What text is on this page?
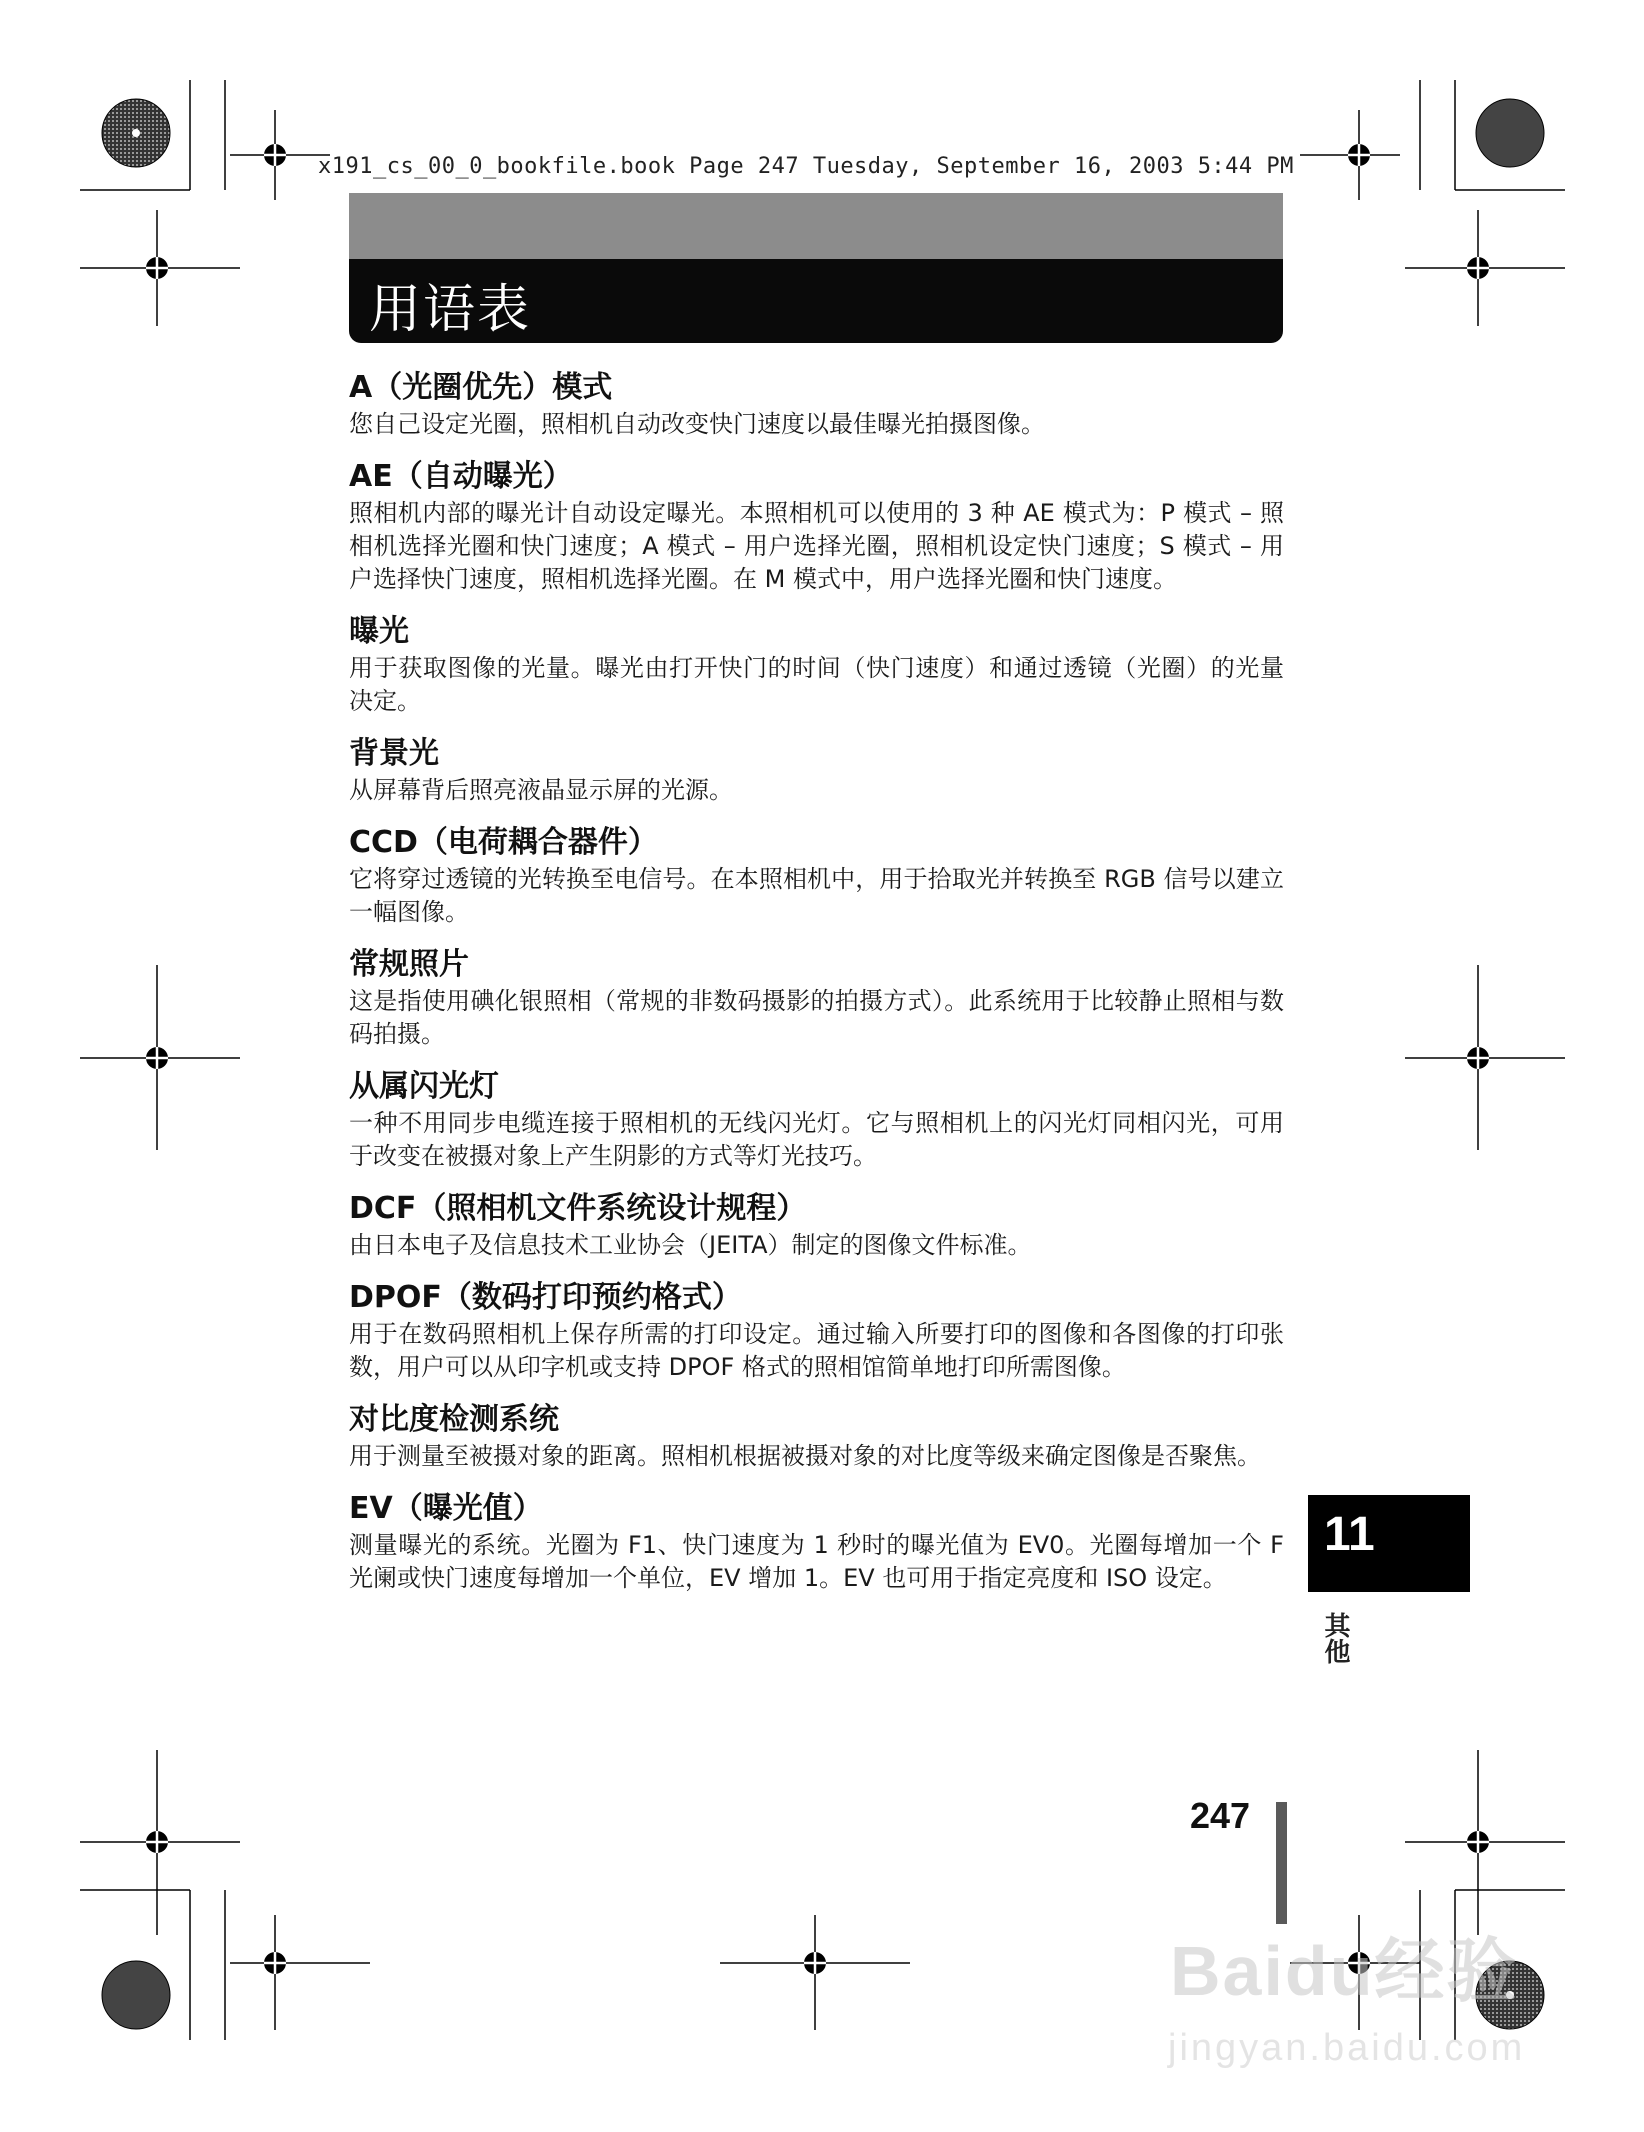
x191_cs_00_0_bookfile.book Page 247 Tuesday, September 16, 2003 5:44 PM
用语表
A（光圈优先）模式
您自己设定光圈，照相机自动改变快门速度以最佳曝光拍摄图像。
AE（自动曝光）
照相机内部的曝光计自动设定曝光。本照相机可以使用的 3 种 AE 模式为：P 模式 – 照相机选择光圈和快门速度；A 模式 – 用户选择光圈，照相机设定快门速度；S 模式 – 用户选择快门速度，照相机选择光圈。在 M 模式中，用户选择光圈和快门速度。
曝光
用于获取图像的光量。曝光由打开快门的时间（快门速度）和通过透镜（光圈）的光量决定。
背景光
从屏幕背后照亮液晶显示屏的光源。
CCD（电荷耦合器件）
它将穿过透镜的光转换至电信号。在本照相机中，用于拾取光并转换至 RGB 信号以建立一幅图像。
常规照片
这是指使用碘化银照相（常规的非数码摄影的拍摄方式）。此系统用于比较静止照相与数码拍摄。
从属闪光灯
一种不用同步电缆连接于照相机的无线闪光灯。它与照相机上的闪光灯同相闪光，可用于改变在被摄对象上产生阴影的方式等灯光技巧。
DCF（照相机文件系统设计规程）
由日本电子及信息技术工业协会（JEITA）制定的图像文件标准。
DPOF（数码打印预约格式）
用于在数码照相机上保存所需的打印设定。通过输入所要打印的图像和各图像的打印张数，用户可以从印字机或支持 DPOF 格式的照相馆简单地打印所需图像。
对比度检测系统
用于测量至被摄对象的距离。照相机根据被摄对象的对比度等级来确定图像是否聚焦。
EV（曝光值）
测量曝光的系统。光圈为 F1、快门速度为 1 秒时的曝光值为 EV0。光圈每增加一个 F 光阑或快门速度每增加一个单位，EV 增加 1。EV 也可用于指定亮度和 ISO 设定。
11
其他
247
Baidu经验
jingyan.baidu.com
